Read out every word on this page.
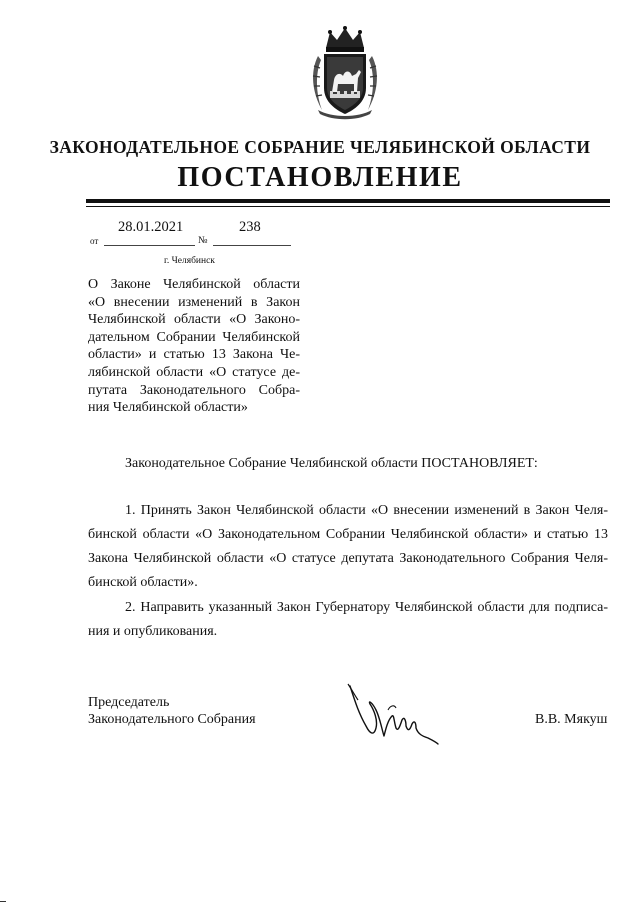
ЗАКОНОДАТЕЛЬНОЕ СОБРАНИЕ ЧЕЛЯБИНСКОЙ ОБЛАСТИ
ПОСТАНОВЛЕНИЕ
28.01.2021	238
от	№
г. Челябинск

О Законе Челябинской области
«О внесении изменений в Закон
Челябинской области «О Законо-
дательном Собрании Челябинской
области» и статью 13 Закона Че-
лябинской области «О статусе де-
путата Законодательного Собра-
ния Челябинской области»

Законодательное Собрание Челябинской области ПОСТАНОВЛЯЕТ:
1. Принять Закон Челябинской области «О внесении изменений в Закон Челя-
бинской области «О Законодательном Собрании Челябинской области» и статью 13
Закона Челябинской области «О статусе депутата Законодательного Собрания Челя-
бинской области».
2. Направить указанный Закон Губернатору Челябинской области для подписа-
ния и опубликования.
Председатель
Законодательного Собрания	В.В. Мякуш
